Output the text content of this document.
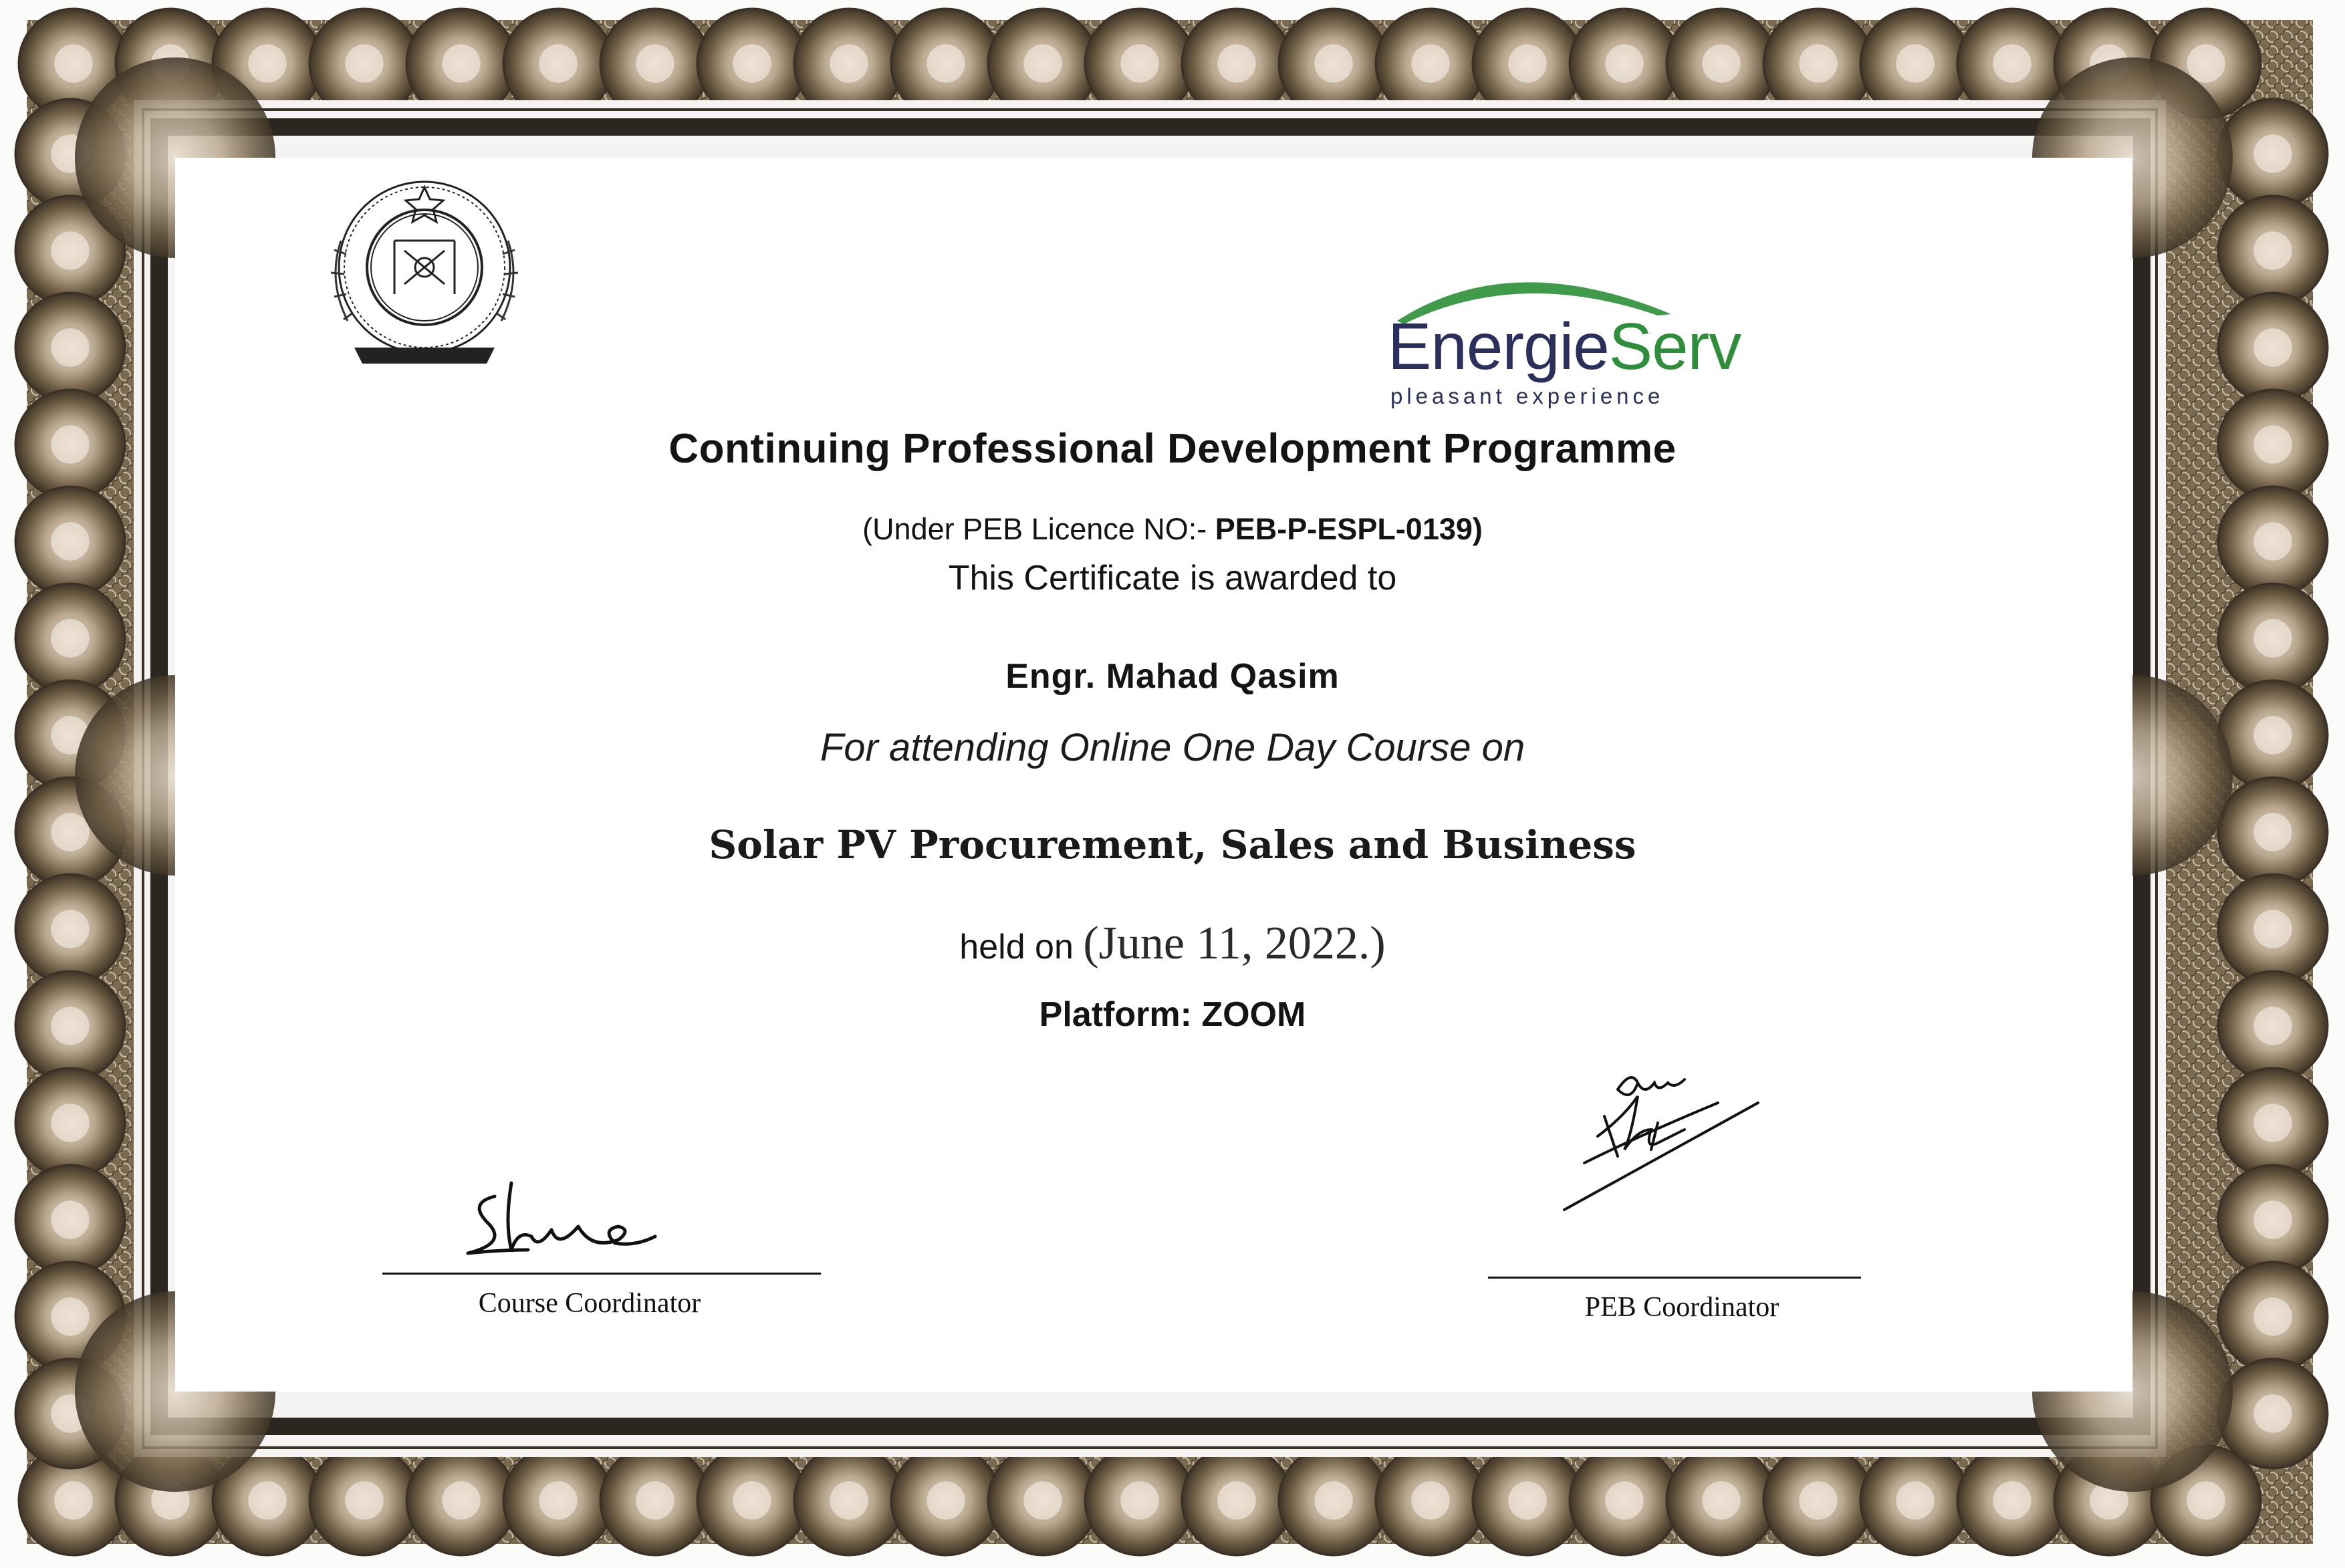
EnergieServ
pleasant experience
Continuing Professional Development Programme
(Under PEB Licence NO:- PEB-P-ESPL-0139)
This Certificate is awarded to
Engr. Mahad Qasim
For attending Online One Day Course on
Solar PV Procurement, Sales and Business
held on (June 11, 2022.)
Platform: ZOOM
Course Coordinator	PEB Coordinator
